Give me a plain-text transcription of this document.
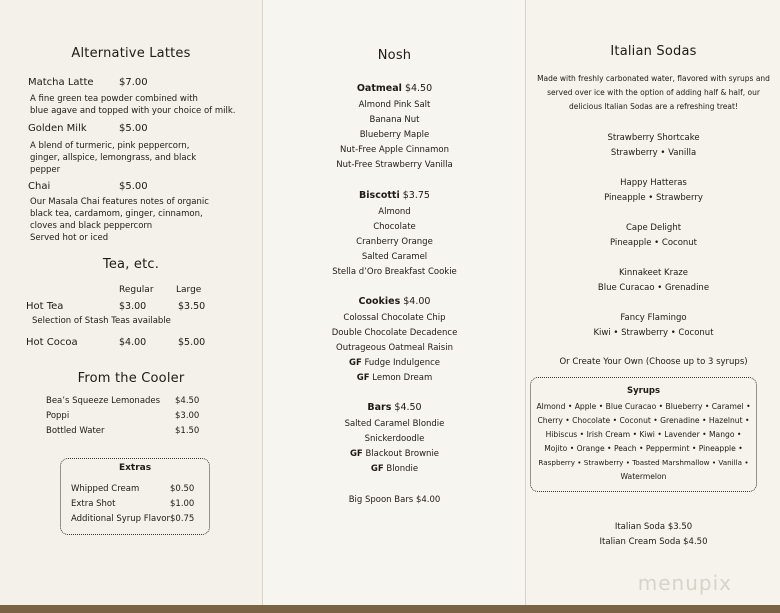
Alternative Lattes
Matcha Latte	$7.00
A fine green tea powder combined with
blue agave and topped with your choice of milk.
Golden Milk	$5.00
A blend of turmeric, pink peppercorn,
ginger, allspice, lemongrass, and black
pepper
Chai	$5.00
Our Masala Chai features notes of organic
black tea, cardamom, ginger, cinnamon,
cloves and black peppercorn
Served hot or iced
Tea, etc.
Regular Large
Hot Tea	$3.00	$3.50
Selection of Stash Teas available
Hot Cocoa	$4.00	$5.00
From the Cooler
Bea’s Squeeze Lemonades $4.50
Poppi	$3.00
Bottled Water	$1.50
Extras
Whipped Cream	$0.50
Extra Shot	$1.00
Additional Syrup Flavor $0.75
Nosh
Oatmeal $4.50
Almond Pink Salt
Banana Nut
Blueberry Maple
Nut-Free Apple Cinnamon
Nut-Free Strawberry Vanilla
Biscotti $3.75
Almond
Chocolate
Cranberry Orange
Salted Caramel
Stella d’Oro Breakfast Cookie
Cookies $4.00
Colossal Chocolate Chip
Double Chocolate Decadence
Outrageous Oatmeal Raisin
GF Fudge Indulgence
GF Lemon Dream
Bars $4.50
Salted Caramel Blondie
Snickerdoodle
GF Blackout Brownie
GF Blondie
Big Spoon Bars $4.00
Italian Sodas
Made with freshly carbonated water, flavored with syrups and
served over ice with the option of adding half & half, our
delicious Italian Sodas are a refreshing treat!
Strawberry Shortcake
Strawberry • Vanilla
Happy Hatteras
Pineapple • Strawberry
Cape Delight
Pineapple • Coconut
Kinnakeet Kraze
Blue Curacao • Grenadine
Fancy Flamingo
Kiwi • Strawberry • Coconut
Or Create Your Own (Choose up to 3 syrups)
Syrups
Almond • Apple • Blue Curacao • Blueberry • Caramel •
Cherry • Chocolate • Coconut • Grenadine • Hazelnut •
Hibiscus • Irish Cream • Kiwi • Lavender • Mango •
Mojito • Orange • Peach • Peppermint • Pineapple •
Raspberry • Strawberry • Toasted Marshmallow • Vanilla •
Watermelon
Italian Soda $3.50
Italian Cream Soda $4.50
menupix
